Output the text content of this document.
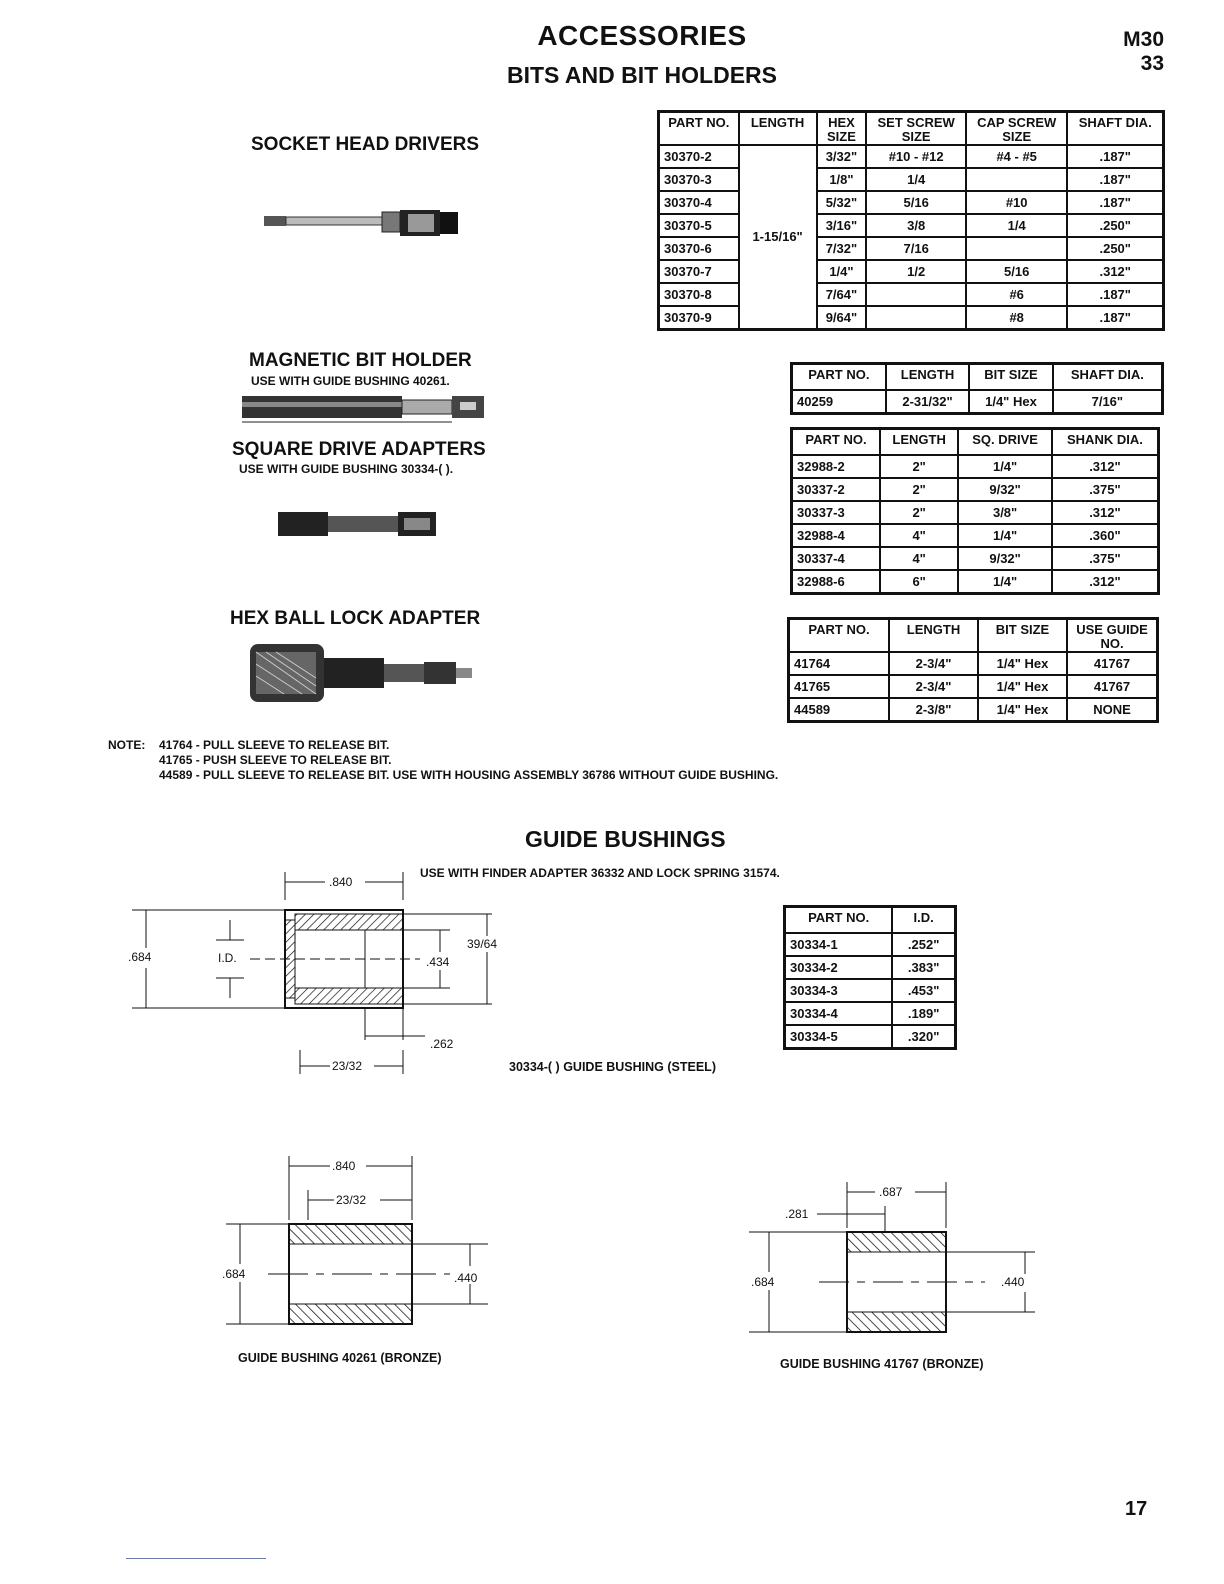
ACCESSORIES
BITS AND BIT HOLDERS
M30
33
SOCKET HEAD DRIVERS
PART NO.	LENGTH	HEX SIZE	SET SCREW SIZE	CAP SCREW SIZE	SHAFT DIA.
30370-2	1-15/16"	3/32"	#10 - #12	#4 - #5	.187"
30370-3		1/8"	1/4		.187"
30370-4		5/32"	5/16	#10	.187"
30370-5		3/16"	3/8	1/4	.250"
30370-6		7/32"	7/16		.250"
30370-7		1/4"	1/2	5/16	.312"
30370-8		7/64"		#6	.187"
30370-9		9/64"		#8	.187"
MAGNETIC BIT HOLDER
USE WITH GUIDE BUSHING 40261.	PART NO.	LENGTH	BIT SIZE	SHAFT DIA.
40259	2-31/32"	1/4" Hex	7/16"
SQUARE DRIVE ADAPTERS
USE WITH GUIDE BUSHING 30334-( ).
PART NO.	LENGTH	SQ. DRIVE	SHANK DIA.
32988-2	2"	1/4"	.312"
30337-2	2"	9/32"	.375"
30337-3	2"	3/8"	.312"
32988-4	4"	1/4"	.360"
30337-4	4"	9/32"	.375"
32988-6	6"	1/4"	.312"
HEX BALL LOCK ADAPTER
PART NO.	LENGTH	BIT SIZE	USE GUIDE NO.
41764	2-3/4"	1/4" Hex	41767
41765	2-3/4"	1/4" Hex	41767
44589	2-3/8"	1/4" Hex	NONE
NOTE: 41764 - PULL SLEEVE TO RELEASE BIT.
41765 - PUSH SLEEVE TO RELEASE BIT.
44589 - PULL SLEEVE TO RELEASE BIT. USE WITH HOUSING ASSEMBLY 36786 WITHOUT GUIDE BUSHING.
GUIDE BUSHINGS
USE WITH FINDER ADAPTER 36332 AND LOCK SPRING 31574.
.840
.684	I.D.	.434
39/64
.262
23/32
PART NO.	I.D.
30334-1	.252"
30334-2	.383"
30334-3	.453"
30334-4	.189"
30334-5	.320"
30334-( ) GUIDE BUSHING (STEEL)
.840
23/32
.684	.440
GUIDE BUSHING 40261 (BRONZE)
.687
.281
.684	.440
GUIDE BUSHING 41767 (BRONZE)
17
